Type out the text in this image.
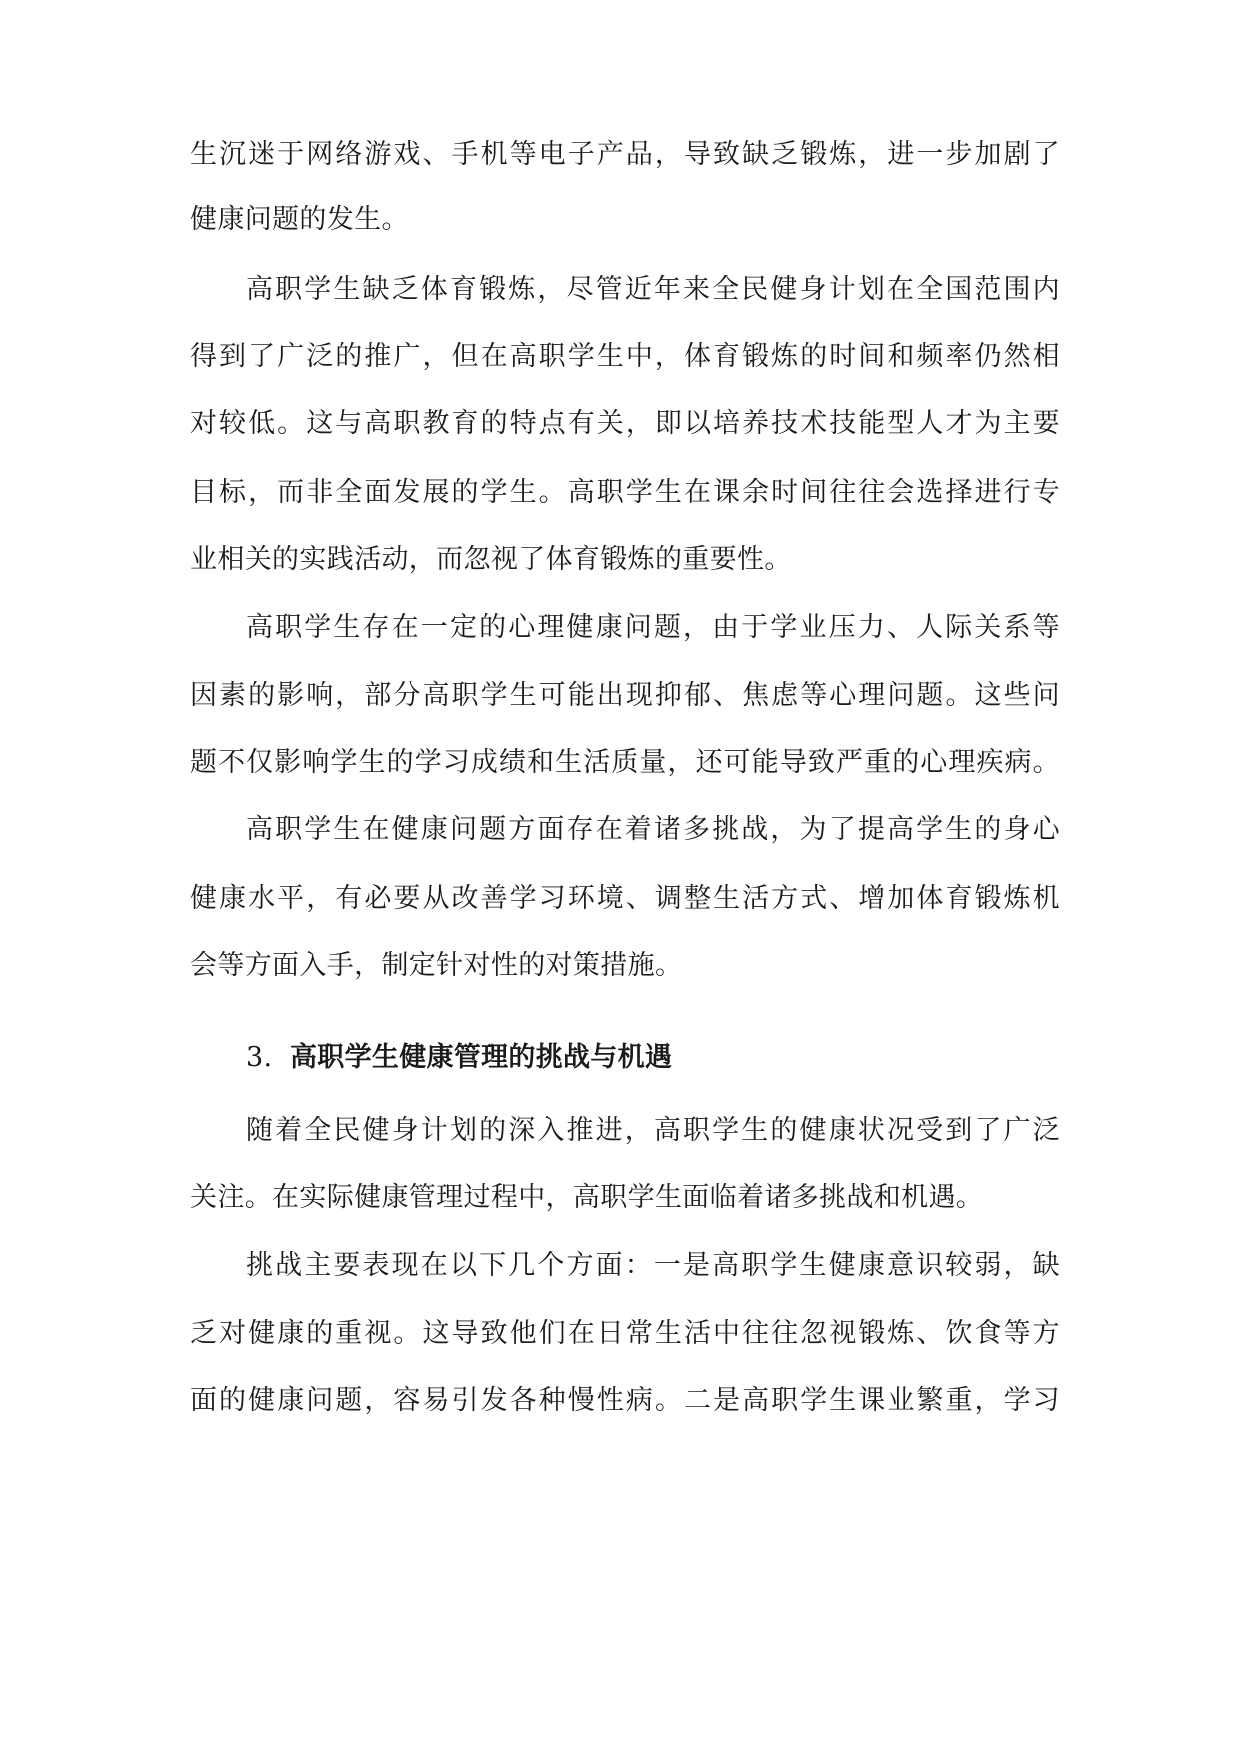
生沉迷于网络游戏、手机等电子产品，导致缺乏锻炼，进一步加剧了
健康问题的发生。
高职学生缺乏体育锻炼，尽管近年来全民健身计划在全国范围内
得到了广泛的推广，但在高职学生中，体育锻炼的时间和频率仍然相
对较低。这与高职教育的特点有关，即以培养技术技能型人才为主要
目标，而非全面发展的学生。高职学生在课余时间往往会选择进行专
业相关的实践活动，而忽视了体育锻炼的重要性。
高职学生存在一定的心理健康问题，由于学业压力、人际关系等
因素的影响，部分高职学生可能出现抑郁、焦虑等心理问题。这些问
题不仅影响学生的学习成绩和生活质量，还可能导致严重的心理疾病。
高职学生在健康问题方面存在着诸多挑战，为了提高学生的身心
健康水平，有必要从改善学习环境、调整生活方式、增加体育锻炼机
会等方面入手，制定针对性的对策措施。
3. 高职学生健康管理的挑战与机遇
随着全民健身计划的深入推进，高职学生的健康状况受到了广泛
关注。在实际健康管理过程中，高职学生面临着诸多挑战和机遇。
挑战主要表现在以下几个方面：一是高职学生健康意识较弱，缺
乏对健康的重视。这导致他们在日常生活中往往忽视锻炼、饮食等方
面的健康问题，容易引发各种慢性病。二是高职学生课业繁重，学习
